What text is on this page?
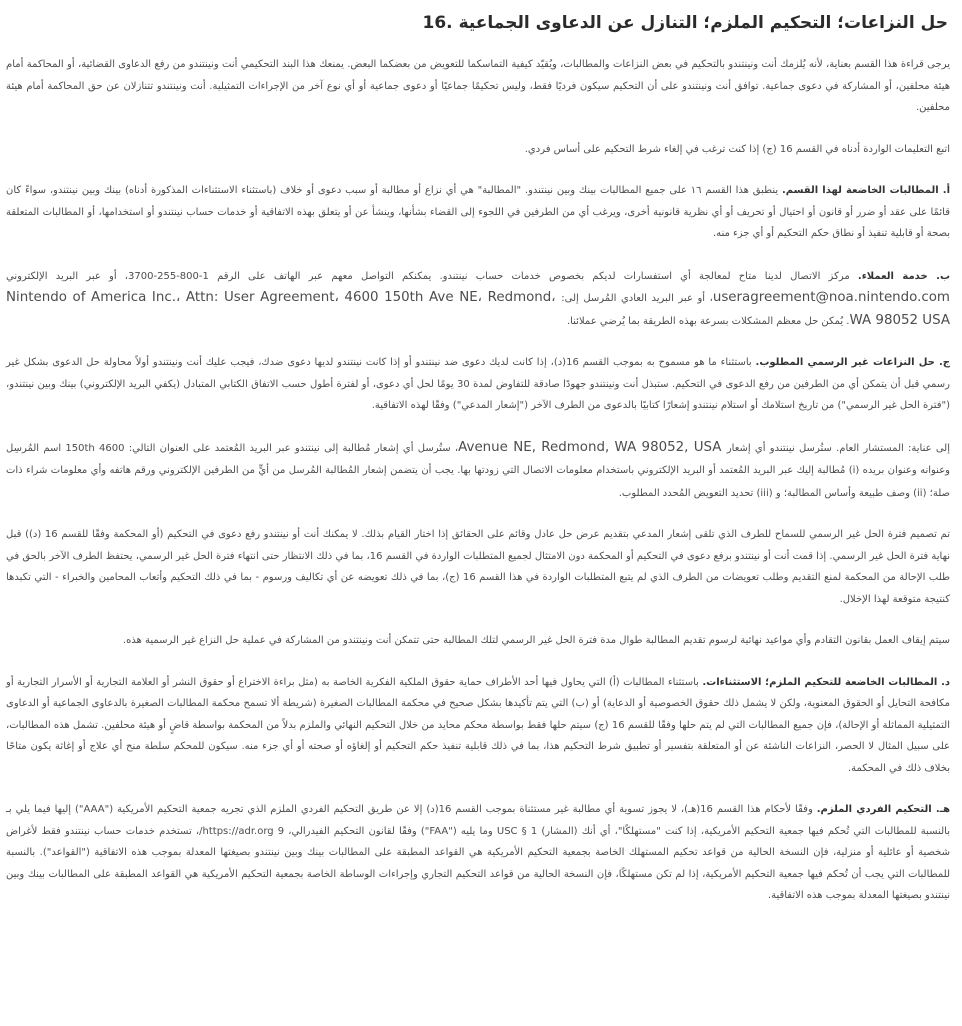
حل النزاعات؛ التحكيم الملزم؛ التنازل عن الدعاوى الجماعية 16.

يرجى قراءة هذا القسم بعناية، لأنه يُلزمك أنت ونينتندو بالتحكيم في بعض النزاعات والمطالبات، ويُقيّد كيفية التماسكما للتعويض من بعضكما البعض. يمنعك هذا البند التحكيمي أنت ونينتندو من رفع الدعاوى القضائية، أو المحاكمة أمام هيئة محلفين، أو المشاركة في دعوى جماعية. توافق أنت ونينتندو على أن التحكيم سيكون فرديًا فقط، وليس تحكيمًا جماعيًا أو دعوى جماعية أو أي نوع آخر من الإجراءات التمثيلية. أنت ونينتندو تتنازلان عن حق المحاكمة أمام هيئة محلفين.

اتبع التعليمات الواردة أدناه في القسم 16 (ج) إذا كنت ترغب في إلغاء شرط التحكيم على أساس فردي.

أ. المطالبات الخاضعة لهذا القسم. ينطبق هذا القسم ١٦ على جميع المطالبات بينك وبين نينتندو. "المطالبة" هي أي نزاع أو مطالبة أو سبب دعوى أو خلاف (باستثناء الاستثناءات المذكورة أدناه) بينك وبين نينتندو، سواءً كان قائمًا على عقد أو ضرر أو قانون أو احتيال أو تحريف أو أي نظرية قانونية أخرى، ويرغب أي من الطرفين في اللجوء إلى القضاء بشأنها، وينشأ عن أو يتعلق بهذه الاتفاقية أو خدمات حساب نينتندو أو استخدامها، أو المطالبات المتعلقة بصحة أو قابلية تنفيذ أو نطاق حكم التحكيم أو أي جزء منه.

ب. خدمة العملاء. مركز الاتصال لدينا متاح لمعالجة أي استفسارات لديكم بخصوص خدمات حساب نينتندو. يمكنكم التواصل معهم عبر الهاتف على الرقم 1-800-255-3700، أو عبر البريد الإلكتروني useragreement@noa.nintendo.com، أو عبر البريد العادي المُرسل إلى: Nintendo of America Inc.، Attn: User Agreement، 4600 150th Ave NE، Redmond، WA 98052 USA. يُمكن حل معظم المشكلات بسرعة بهذه الطريقة بما يُرضي عملائنا.

ج. حل النزاعات غير الرسمي المطلوب. باستثناء ما هو مسموح به بموجب القسم 16(د)، إذا كانت لديك دعوى ضد نينتندو أو إذا كانت نينتندو لديها دعوى ضدك، فيجب عليك أنت ونينتندو أولاً محاولة حل الدعوى بشكل غير رسمي قبل أن يتمكن أي من الطرفين من رفع الدعوى في التحكيم. ستبذل أنت ونينتندو جهودًا صادقة للتفاوض لمدة 30 يومًا لحل أي دعوى، أو لفترة أطول حسب الاتفاق الكتابي المتبادل (يكفي البريد الإلكتروني) بينك وبين نينتندو، ("فترة الحل غير الرسمي") من تاريخ استلامك أو استلام نينتندو إشعارًا كتابيًا بالدعوى من الطرف الآخر ("إشعار المدعي") وفقًا لهذه الاتفاقية.

إلى عناية: المستشار العام. ستُرسل نينتندو أي إشعار Avenue NE, Redmond, WA 98052, USA، ستُرسل أي إشعار مُطالبة إلى نينتندو عبر البريد المُعتمد على العنوان التالي: 4600 150th اسم المُرسِل وعنوانه وعنوان بريده (i) مُطالبة إليك عبر البريد المُعتمد أو البريد الإلكتروني باستخدام معلومات الاتصال التي زودتها بها. يجب أن يتضمن إشعار المُطالبة المُرسل من أيٍّ من الطرفين الإلكتروني ورقم هاتفه وأي معلومات شراء ذات صلة؛ (ii) وصف طبيعة وأساس المطالبة؛ و (iii) تحديد التعويض المُحدد المطلوب.

تم تصميم فترة الحل غير الرسمي للسماح للطرف الذي تلقى إشعار المدعي بتقديم عرض حل عادل وقائم على الحقائق إذا اختار القيام بذلك. لا يمكنك أنت أو نينتندو رفع دعوى في التحكيم (أو المحكمة وفقًا للقسم 16 (د)) قبل نهاية فترة الحل غير الرسمي. إذا قمت أنت أو نينتندو برفع دعوى في التحكيم أو المحكمة دون الامتثال لجميع المتطلبات الواردة في القسم 16، بما في ذلك الانتظار حتى انتهاء فترة الحل غير الرسمي، يحتفظ الطرف الآخر بالحق في طلب الإحالة من المحكمة لمنع التقديم وطلب تعويضات من الطرف الذي لم يتبع المتطلبات الواردة في هذا القسم 16 (ج)، بما في ذلك تعويضه عن أي تكاليف ورسوم - بما في ذلك التحكيم وأتعاب المحامين والخبراء - التي تكبدها كنتيجة متوقعة لهذا الإخلال.

سيتم إيقاف العمل بقانون التقادم وأي مواعيد نهائية لرسوم تقديم المطالبة طوال مدة فترة الحل غير الرسمي لتلك المطالبة حتى تتمكن أنت ونينتندو من المشاركة في عملية حل النزاع غير الرسمية هذه.

د. المطالبات الخاضعة للتحكيم الملزم؛ الاستثناءات. باستثناء المطالبات (أ) التي يحاول فيها أحد الأطراف حماية حقوق الملكية الفكرية الخاصة به (مثل براءة الاختراع أو حقوق النشر أو العلامة التجارية أو الأسرار التجارية أو مكافحة التحايل أو الحقوق المعنوية، ولكن لا يشمل ذلك حقوق الخصوصية أو الدعاية) أو (ب) التي يتم تأكيدها بشكل صحيح في محكمة المطالبات الصغيرة (شريطة ألا تسمح محكمة المطالبات الصغيرة بالدعاوى الجماعية أو الدعاوى التمثيلية المماثلة أو الإحالة)، فإن جميع المطالبات التي لم يتم حلها وفقًا للقسم 16 (ج) سيتم حلها فقط بواسطة محكم محايد من خلال التحكيم النهائي والملزم بدلاً من المحكمة بواسطة قاضٍ أو هيئة محلفين. تشمل هذه المطالبات، على سبيل المثال لا الحصر، النزاعات الناشئة عن أو المتعلقة بتفسير أو تطبيق شرط التحكيم هذا، بما في ذلك قابلية تنفيذ حكم التحكيم أو إلغاؤه أو صحته أو أي جزء منه. سيكون للمحكم سلطة منح أي علاج أو إغاثة يكون متاحًا بخلاف ذلك في المحكمة.

هـ. التحكيم الفردي الملزم. وفقًا لأحكام هذا القسم 16(هـ)، لا يجوز تسوية أي مطالبة غير مستثناة بموجب القسم 16(د) إلا عن طريق التحكيم الفردي الملزم الذي تجريه جمعية التحكيم الأمريكية ("AAA") إليها فيما يلي بـ بالنسبة للمطالبات التي تُحكم فيها جمعية التحكيم الأمريكية، إذا كنت "مستهلكًا"، أي أنك (المشار) USC § 1 وما يليه ("FAA") وفقًا لقانون التحكيم الفيدرالي، 9 https://adr.org/، تستخدم خدمات حساب نينتندو فقط لأغراض شخصية أو عائلية أو منزلية، فإن النسخة الحالية من قواعد تحكيم المستهلك الخاصة بجمعية التحكيم الأمريكية هي القواعد المطبقة على المطالبات بينك وبين نينتندو بصيغتها المعدلة بموجب هذه الاتفاقية ("القواعد"). بالنسبة للمطالبات التي يجب أن تُحكم فيها جمعية التحكيم الأمريكية، إذا لم تكن مستهلكًا، فإن النسخة الحالية من قواعد التحكيم التجاري وإجراءات الوساطة الخاصة بجمعية التحكيم الأمريكية هي القواعد المطبقة على المطالبات بينك وبين نينتندو بصيغتها المعدلة بموجب هذه الاتفاقية.
